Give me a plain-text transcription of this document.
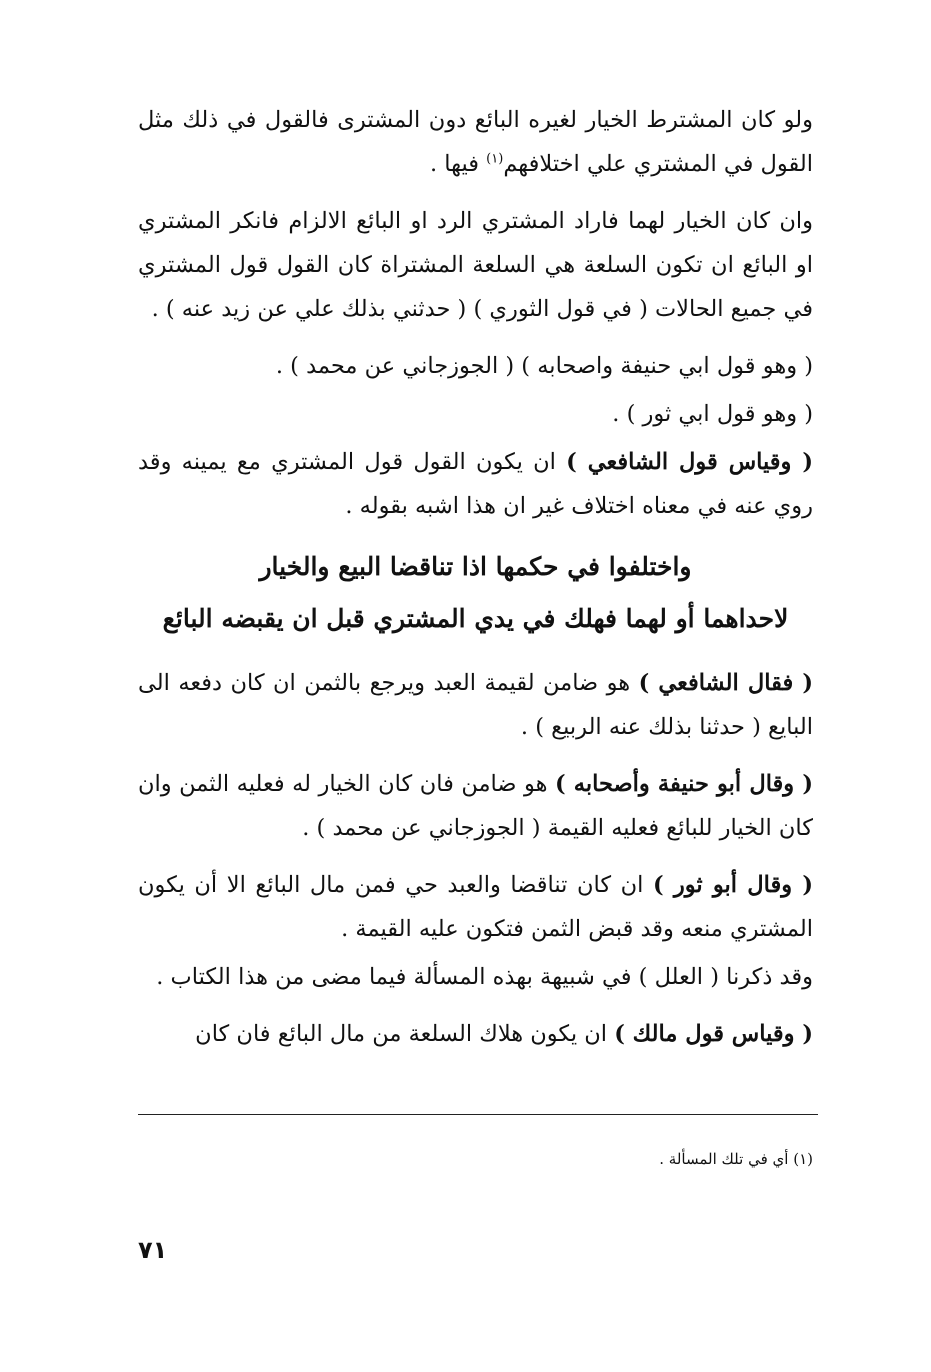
ولو كان المشترط الخيار لغيره البائع دون المشترى فالقول في ذلك مثل القول في المشتري علي اختلافهم$^{(١)}$ فيها .

وان كان الخيار لهما فاراد المشتري الرد او البائع الالزام فانكر المشتري او البائع ان تكون السلعة هي السلعة المشتراة كان القول قول المشتري في جميع الحالات ( في قول الثوري ) ( حدثني بذلك علي عن زيد عنه ) .

( وهو قول ابي حنيفة واصحابه ) ( الجوزجاني عن محمد ) .

( وهو قول ابي ثور ) .

( وقياس قول الشافعي ) ان يكون القول قول المشتري مع يمينه وقد روي عنه في معناه اختلاف غير ان هذا اشبه بقوله .

واختلفوا في حكمها اذا تناقضا البيع والخيار
لاحداهما أو لهما فهلك في يدي المشتري قبل ان يقبضه البائع

( فقال الشافعي ) هو ضامن لقيمة العبد ويرجع بالثمن ان كان دفعه الى البايع ( حدثنا بذلك عنه الربيع ) .

( وقال أبو حنيفة وأصحابه ) هو ضامن فان كان الخيار له فعليه الثمن وان كان الخيار للبائع فعليه القيمة ( الجوزجاني عن محمد ) .

( وقال أبو ثور ) ان كان تناقضا والعبد حي فمن مال البائع الا أن يكون المشتري منعه وقد قبض الثمن فتكون عليه القيمة .

وقد ذكرنا ( العلل ) في شبيهة بهذه المسألة فيما مضى من هذا الكتاب .

( وقياس قول مالك ) ان يكون هلاك السلعة من مال البائع فان كان

(١) أي في تلك المسألة .
٧١
